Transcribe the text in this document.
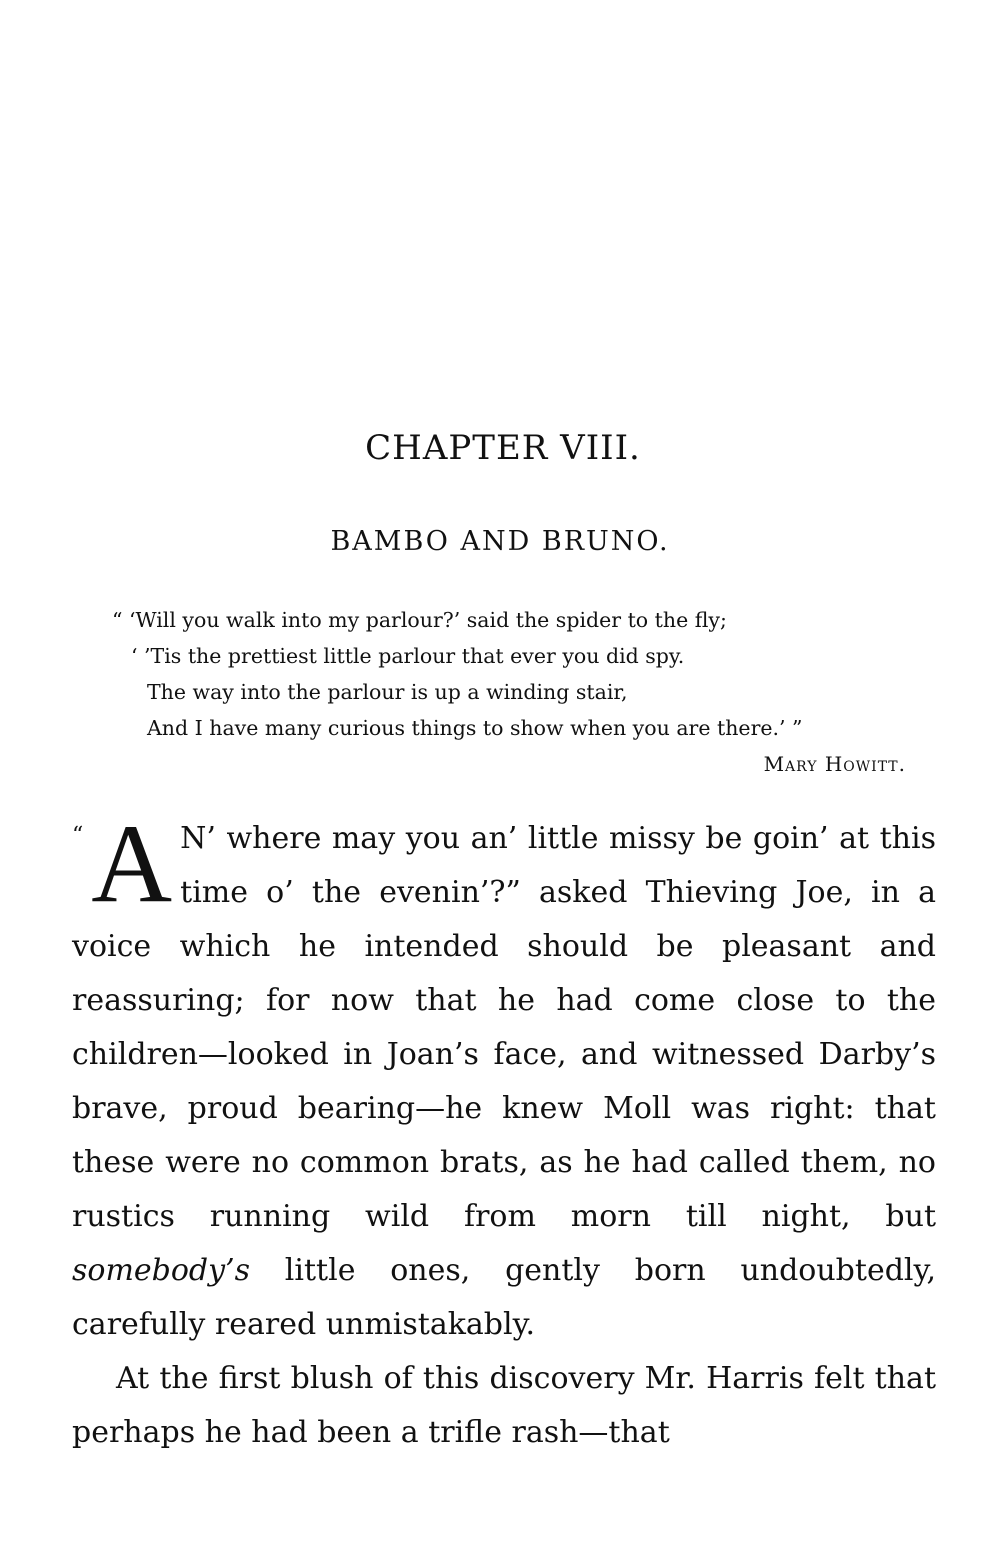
CHAPTER VIII.
BAMBO AND BRUNO.
“ ‘Will you walk into my parlour?’ said the spider to the fly;
‘ ’Tis the prettiest little parlour that ever you did spy.
The way into the parlour is up a winding stair,
And I have many curious things to show when you are there.’ ”
Mary Howitt.

“ A N’ where may you an’ little missy be goin’ at this time o’ the evenin’?” asked Thieving Joe, in a voice which he intended should be pleasant and reassuring; for now that he had come close to the children—looked in Joan’s face, and witnessed Darby’s brave, proud bearing—he knew Moll was right: that these were no common brats, as he had called them, no rustics running wild from morn till night, but somebody’s little ones, gently born undoubtedly, carefully reared unmistakably.

At the first blush of this discovery Mr. Harris felt that perhaps he had been a trifle rash—that
